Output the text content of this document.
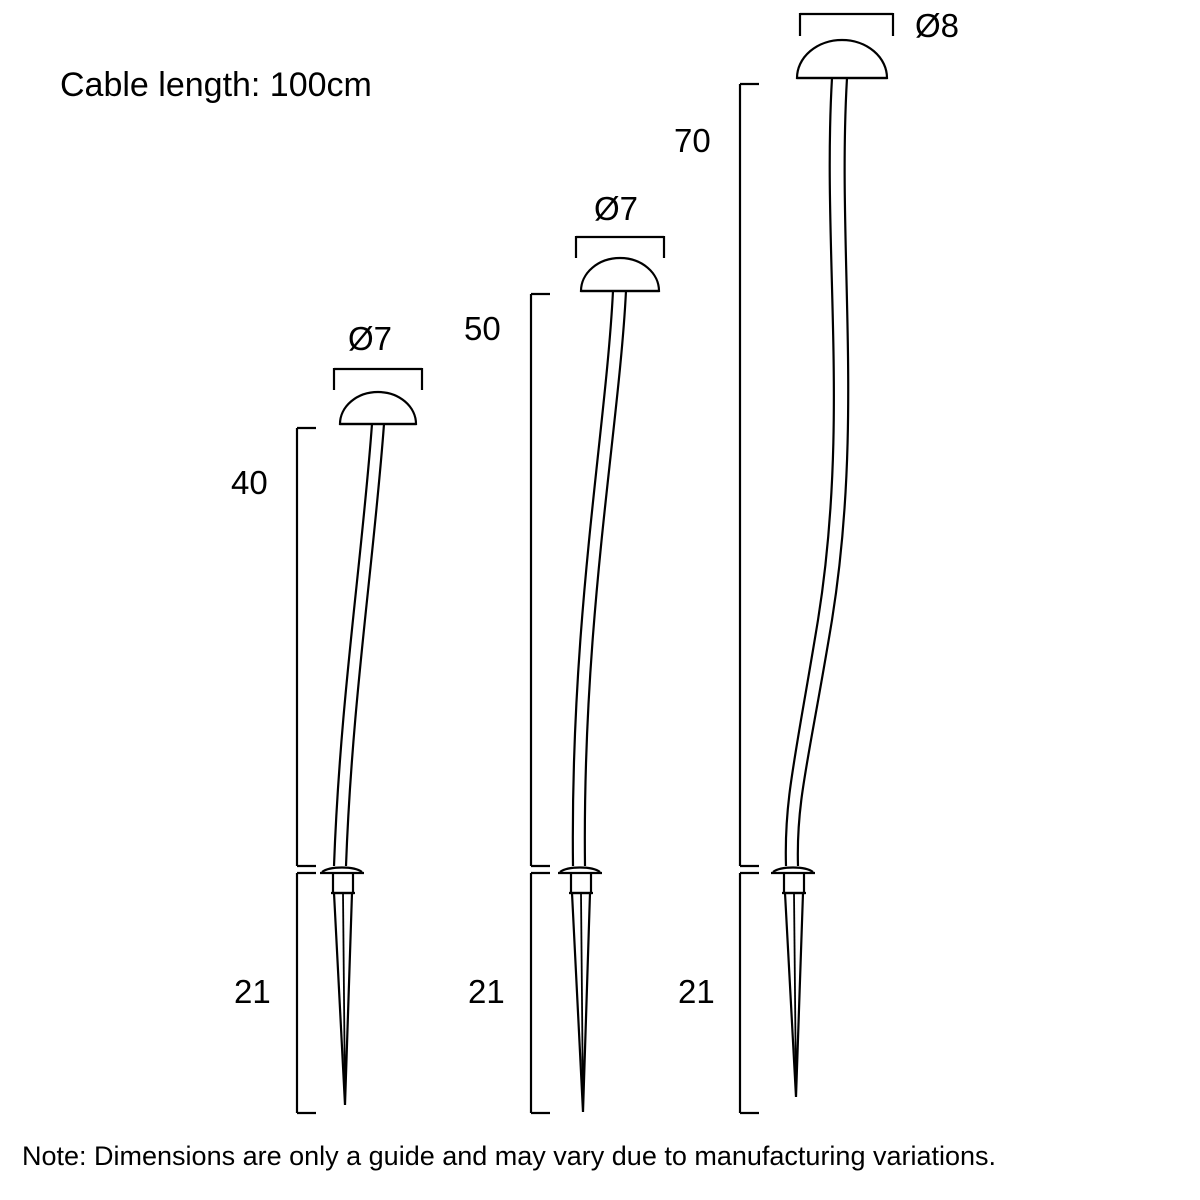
Cable length: 100cm
Ø7
40
21
Ø7
50
21
Ø8
70
21
Note: Dimensions are only a guide and may vary due to manufacturing variations.
